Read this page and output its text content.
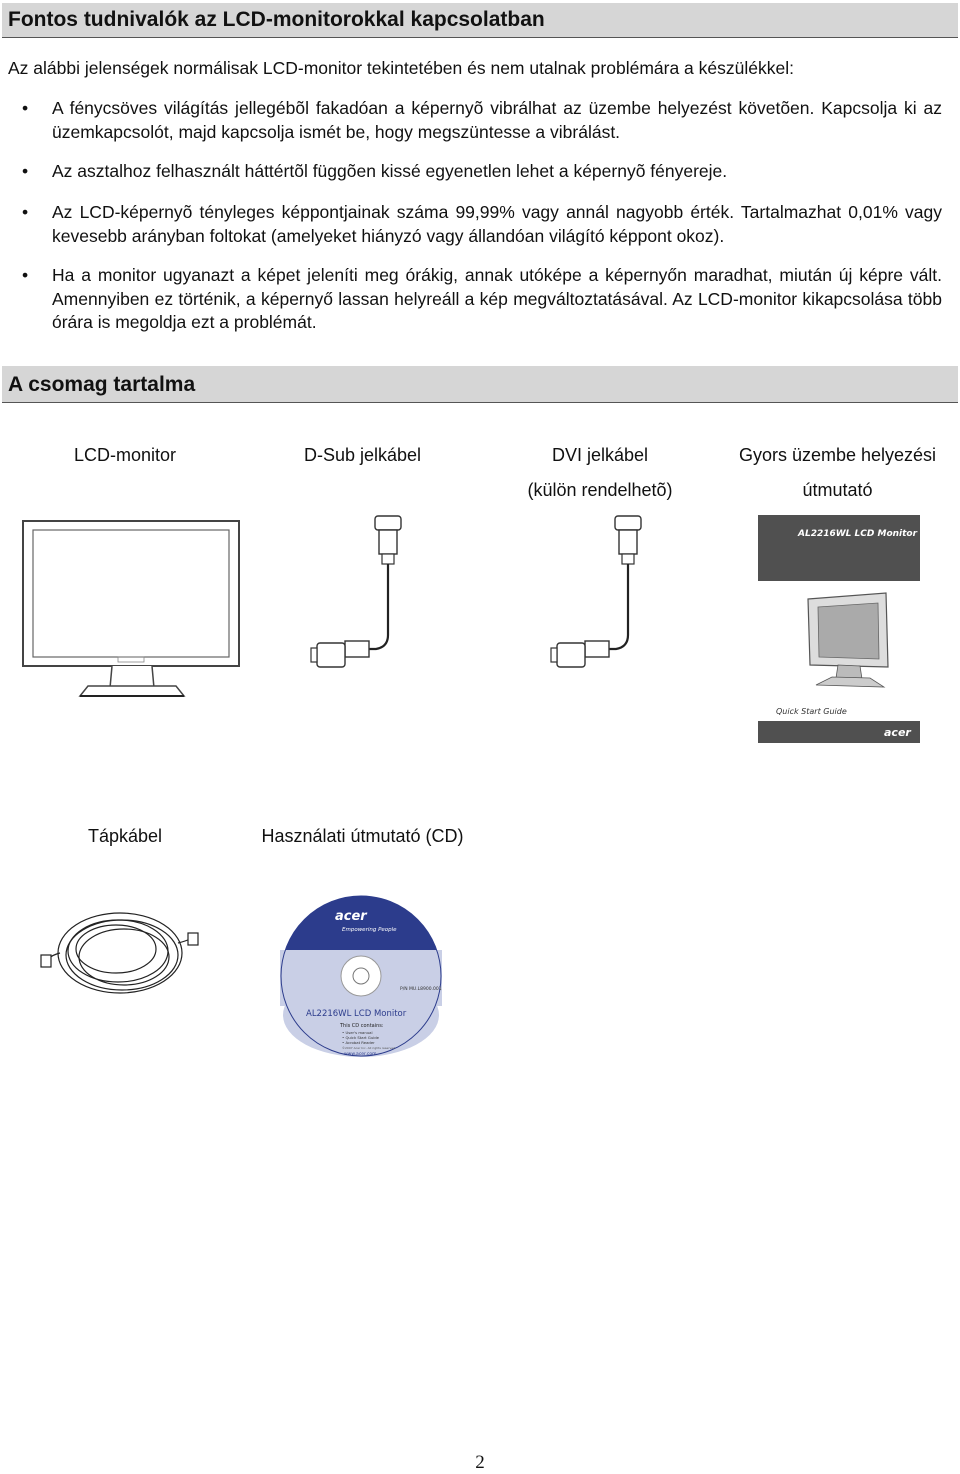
Fontos tudnivalók az LCD-monitorokkal kapcsolatban
Az alábbi jelenségek normálisak LCD-monitor tekintetében és nem utalnak problémára a készülékkel:
• A fénycsöves világítás jellegébõl fakadóan a képernyõ vibrálhat az üzembe helyezést követõen. Kapcsolja ki az üzemkapcsolót, majd kapcsolja ismét be, hogy megszüntesse a vibrálást.
• Az asztalhoz felhasznált háttértõl függõen kissé egyenetlen lehet a képernyõ fényereje.
• Az LCD-képernyõ tényleges képpontjainak száma 99,99% vagy annál nagyobb érték. Tartalmazhat 0,01% vagy kevesebb arányban foltokat (amelyeket hiányzó vagy állandóan világító képpont okoz).
• Ha a monitor ugyanazt a képet jeleníti meg órákig, annak utóképe a képernyőn maradhat, miután új képre vált. Amennyiben ez történik, a képernyő lassan helyreáll a kép megváltoztatásával. Az LCD-monitor kikapcsolása több órára is megoldja ezt a problémát.
A csomag tartalma
LCD-monitor	D-Sub jelkábel	DVI jelkábel
(külön rendelhetõ)
Gyors üzembe helyezési
útmutató
Tápkábel	Használati útmutató (CD)
AL2216WL LCD Monitor
Quick Start Guide
acer
acer
Empowering People
P/N MU.L8900.001
AL2216WL LCD Monitor
This CD contains:
• User's manual
• Quick Start Guide
• Acrobat Reader
©2007 Acer Inc. All rights reserved
www.acer.com
2
